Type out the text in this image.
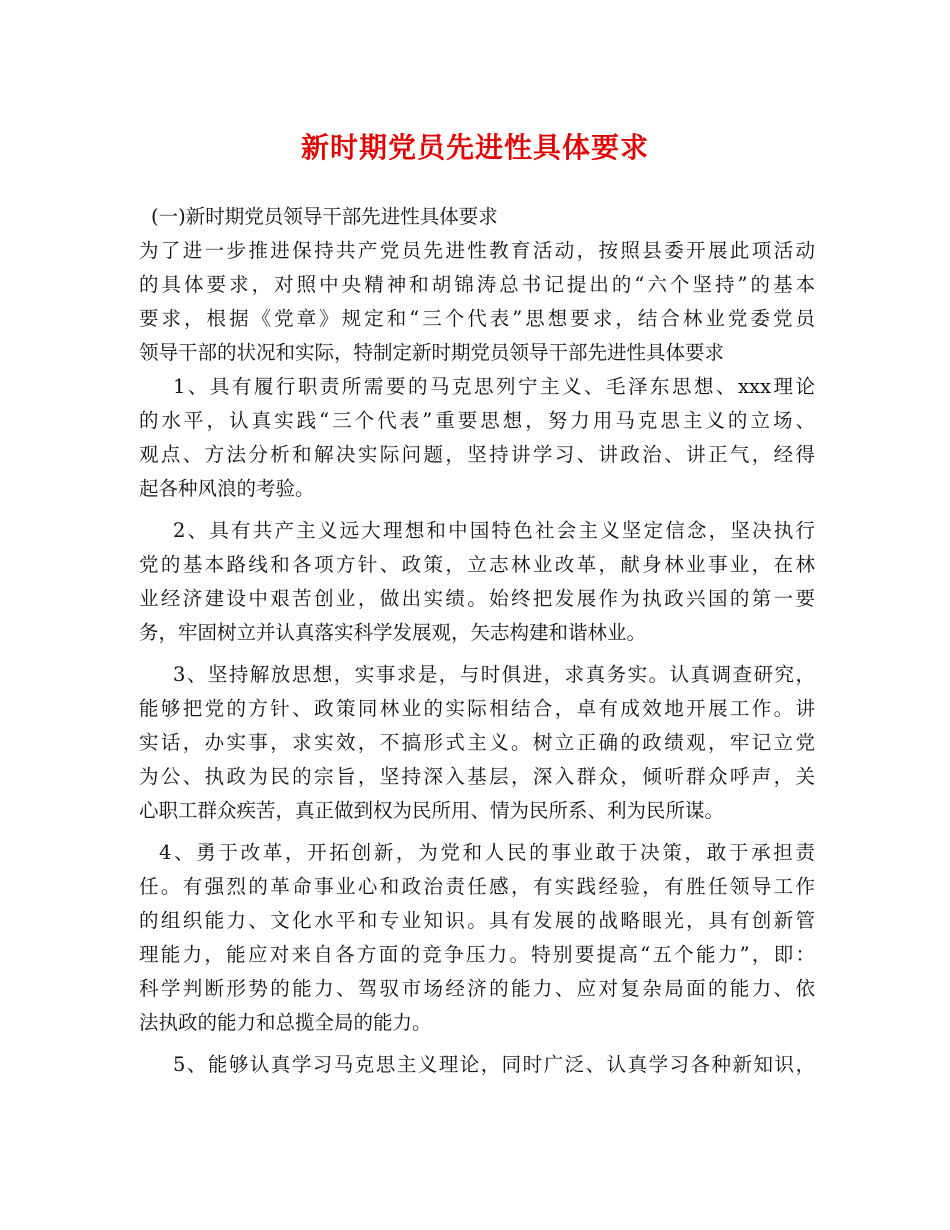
新时期党员先进性具体要求
(一)新时期党员领导干部先进性具体要求
为了进一步推进保持共产党员先进性教育活动，按照县委开展此项活动
的具体要求，对照中央精神和胡锦涛总书记提出的“六个坚持”的基本
要求，根据《党章》规定和“三个代表”思想要求，结合林业党委党员
领导干部的状况和实际，特制定新时期党员领导干部先进性具体要求
1、具有履行职责所需要的马克思列宁主义、毛泽东思想、xxx理论
的水平，认真实践“三个代表”重要思想，努力用马克思主义的立场、
观点、方法分析和解决实际问题，坚持讲学习、讲政治、讲正气，经得
起各种风浪的考验。
2、具有共产主义远大理想和中国特色社会主义坚定信念，坚决执行
党的基本路线和各项方针、政策，立志林业改革，献身林业事业，在林
业经济建设中艰苦创业，做出实绩。始终把发展作为执政兴国的第一要
务，牢固树立并认真落实科学发展观，矢志构建和谐林业。
3、坚持解放思想，实事求是，与时俱进，求真务实。认真调查研究，
能够把党的方针、政策同林业的实际相结合，卓有成效地开展工作。讲
实话，办实事，求实效，不搞形式主义。树立正确的政绩观，牢记立党
为公、执政为民的宗旨，坚持深入基层，深入群众，倾听群众呼声，关
心职工群众疾苦，真正做到权为民所用、情为民所系、利为民所谋。
4、勇于改革，开拓创新，为党和人民的事业敢于决策，敢于承担责
任。有强烈的革命事业心和政治责任感，有实践经验，有胜任领导工作
的组织能力、文化水平和专业知识。具有发展的战略眼光，具有创新管
理能力，能应对来自各方面的竞争压力。特别要提高“五个能力”，即：
科学判断形势的能力、驾驭市场经济的能力、应对复杂局面的能力、依
法执政的能力和总揽全局的能力。
5、能够认真学习马克思主义理论，同时广泛、认真学习各种新知识，
